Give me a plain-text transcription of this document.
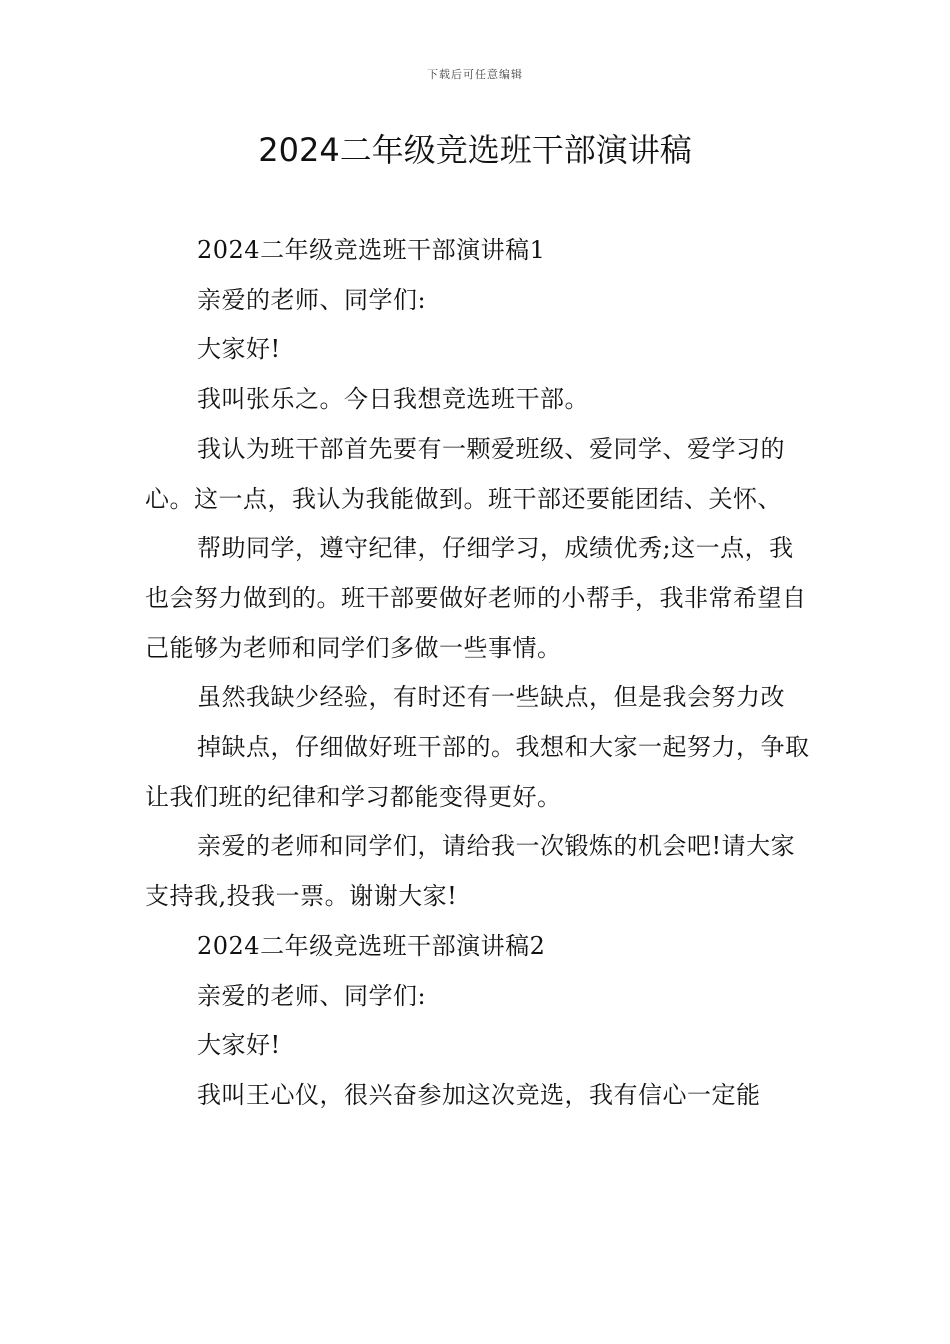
下载后可任意编辑
2024二年级竞选班干部演讲稿

2024二年级竞选班干部演讲稿1

亲爱的老师、同学们:

大家好!

我叫张乐之。今日我想竞选班干部。

我认为班干部首先要有一颗爱班级、爱同学、爱学习的心。这一点，我认为我能做到。班干部还要能团结、关怀、

帮助同学，遵守纪律，仔细学习，成绩优秀;这一点，我也会努力做到的。班干部要做好老师的小帮手，我非常希望自己能够为老师和同学们多做一些事情。

虽然我缺少经验，有时还有一些缺点，但是我会努力改

掉缺点，仔细做好班干部的。我想和大家一起努力，争取让我们班的纪律和学习都能变得更好。

亲爱的老师和同学们，请给我一次锻炼的机会吧!请大家支持我,投我一票。谢谢大家!

2024二年级竞选班干部演讲稿2

亲爱的老师、同学们:

大家好!

我叫王心仪，很兴奋参加这次竞选，我有信心一定能
